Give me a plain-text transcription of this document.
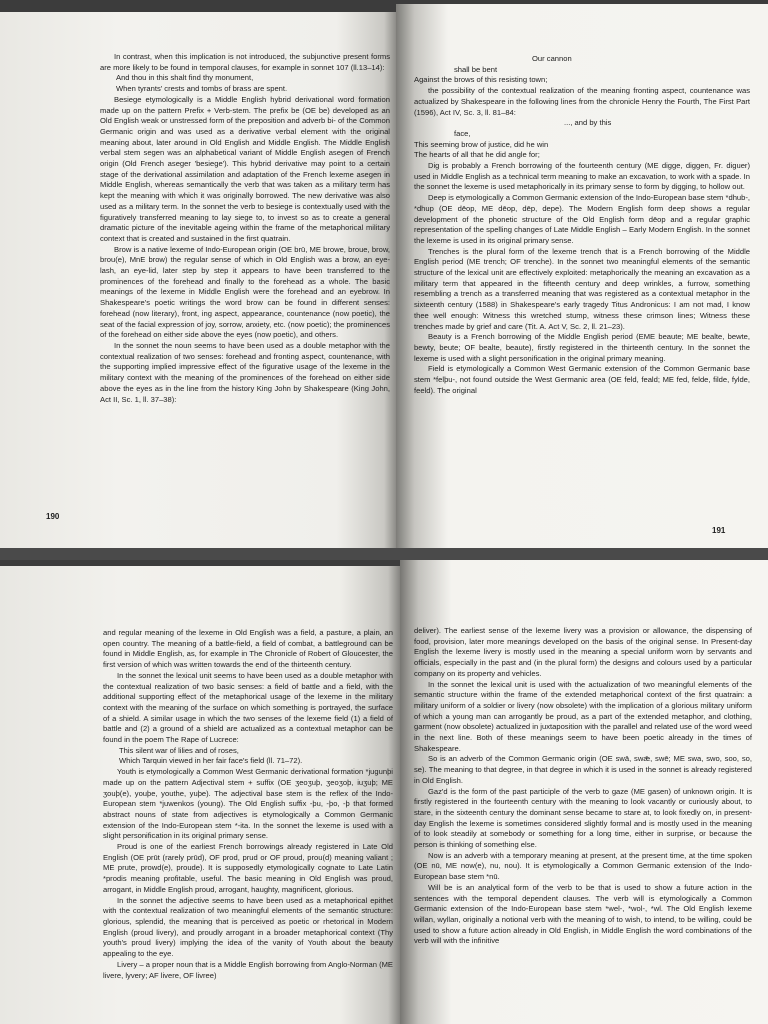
In contrast, when this implication is not introduced, the subjunctive present forms are more likely to be found in temporal clauses, for example in sonnet 107 (ll.13–14):

And thou in this shalt find thy monument,

When tyrants' crests and tombs of brass are spent.

Besiege etymologically is a Middle English hybrid derivational word formation made up on the pattern Prefix + Verb-stem. The prefix be (OE be) developed as an Old English weak or unstressed form of the preposition and adverb bi- of the Common Germanic origin and was used as a derivative verbal element with the original meaning about, later around in Old English and Middle English. The Middle English verbal stem segen was an alphabetical variant of Middle English asegen of French origin (Old French aseger 'besiege'). This hybrid derivative may point to a certain stage of the derivational assimilation and adaptation of the French lexeme asegen in Middle English, whereas semantically the verb that was taken as a military term has kept the meaning with which it was originally borrowed. The new derivative was also used as a military term. In the sonnet the verb to besiege is contextually used with the figuratively transferred meaning to lay siege to, to invest so as to create a general dramatic picture of the inevitable ageing within the frame of the metaphorical military context that is created and sustained in the first quatrain.

Brow is a native lexeme of Indo-European origin (OE brū, ME browe, broue, brow, brou(e), MnE brow) the regular sense of which in Old English was a brow, an eye-lash, an eye-lid, later step by step it appears to have been transferred to the prominences of the forehead and finally to the forehead as a whole. The basic meanings of the lexeme in Middle English were the forehead and an eyebrow. In Shakespeare's poetic writings the word brow can be found in different senses: forehead (now literary), front, ing aspect, appearance, countenance (now poetic), the seat of the facial expression of joy, sorrow, anxiety, etc. (now poetic); the prominences of the forehead on either side above the eyes (now poetic), and others.

In the sonnet the noun seems to have been used as a double metaphor with the contextual realization of two senses: forehead and fronting aspect, countenance, with the supporting implied impressive effect of the figurative usage of the lexeme in the military context with the meaning of the prominences of the forehead on either side above the eyes as in the line from the history King John by Shakespeare (King John, Act II, Sc. 1, ll. 37–38):

190

Our cannon

shall be bent

Against the brows of this resisting town;

the possibility of the contextual realization of the meaning fronting aspect, countenance was actualized by Shakespeare in the following lines from the chronicle Henry the Fourth, The First Part (1596), Act IV, Sc. 3, ll. 81–84:

..., and by this

face,

This seeming brow of justice, did he win

The hearts of all that he did angle for;

Dig is probably a French borrowing of the fourteenth century (ME digge, diggen, Fr. diguer) used in Middle English as a technical term meaning to make an excavation, to work with a spade. In the sonnet the lexeme is used metaphorically in its primary sense to form by digging, to hollow out.

Deep is etymologically a Common Germanic extension of the Indo-European base stem *dhub-, *dhup (OE dēop, ME dēop, dēp, depe). The Modern English form deep shows a regular development of the phonetic structure of the Old English form dēop and a regular graphic representation of the spelling changes of Late Middle English – Early Modern English. In the sonnet the lexeme is used in its original primary sense.

Trenches is the plural form of the lexeme trench that is a French borrowing of the Middle English period (ME trench; OF trenche). In the sonnet two meaningful elements of the semantic structure of the lexical unit are effectively exploited: metaphorically the meaning an excavation as a military term that appeared in the fifteenth century and deep wrinkles, a furrow, something resembling a trench as a transferred meaning that was registered as a contextual metaphor in the sixteenth century (1588) in Shakespeare's early tragedy Titus Andronicus: I am not mad, I know thee well enough: Witness this wretched stump, witness these crimson lines; Witness these trenches made by grief and care (Tit. A. Act V, Sc. 2, ll. 21–23).

Beauty is a French borrowing of the Middle English period (EME beaute; ME bealte, bewte, bewty, beute; OF bealte, beaute), firstly registered in the thirteenth century. In the sonnet the lexeme is used with a slight personification in the original primary meaning.

Field is etymologically a Common West Germanic extension of the Common Germanic base stem *felþu-, not found outside the West Germanic area (OE feld, feald; ME fed, felde, filde, fylde, feeld). The original

191

and regular meaning of the lexeme in Old English was a field, a pasture, a plain, an open country. The meaning of a battle-field, a field of combat, a battleground can be found in Middle English, as, for example in The Chronicle of Robert of Gloucester, the first version of which was written towards the end of the thirteenth century.

In the sonnet the lexical unit seems to have been used as a double metaphor with the contextual realization of two basic senses: a field of battle and a field, with the additional supporting effect of the metaphorical usage of the lexeme in the military context with the meaning of the surface on which something is portrayed, the surface of a shield. A similar usage in which the two senses of the lexeme field (1) a field of battle and (2) a ground of a shield are actualized as a contextual metaphor can be found in the poem The Rape of Lucrece:

This silent war of lilies and of roses,

Which Tarquin viewed in her fair face's field (ll. 71–72).

Youth is etymologically a Common West Germanic derivational formation *jugunþi made up on the pattern Adjectival stem + suffix (OE ʒeoʒuþ, ʒeoʒoþ, iuʒuþ; ME ʒouþ(e), youþe, youthe, yuþe). The adjectival base stem is the reflex of the Indo-European stem *juwenkos (young). The Old English suffix -þu, -þo, -þ that formed abstract nouns of state from adjectives is etymologically a Common Germanic extension of the Indo-European stem *-ita. In the sonnet the lexeme is used with a slight personification in its original primary sense.

Proud is one of the earliest French borrowings already registered in Late Old English (OE prūt (rarely prūd), OF prod, prud or OF proud, prou(d) meaning valiant ; ME prute, prowd(e), proude). It is supposedly etymologically cognate to Late Latin *prodis meaning profitable, useful. The basic meaning in Old English was proud, arrogant, in Middle English proud, arrogant, haughty, magnificent, glorious.

In the sonnet the adjective seems to have been used as a metaphorical epithet with the contextual realization of two meaningful elements of the semantic structure: glorious, splendid, the meaning that is perceived as poetic or rhetorical in Modern English (proud livery), and proudly arrogant in a broader metaphorical context (Thy youth's proud livery) implying the idea of the vanity of Youth about the beauty appealing to the eye.

Livery – a proper noun that is a Middle English borrowing from Anglo-Norman (ME livere, lyvery; AF livere, OF livree)

deliver). The earliest sense of the lexeme livery was a provision or allowance, the dispensing of food, provision, later more meanings developed on the basis of the original sense. In Present-day English the lexeme livery is mostly used in the meaning a special uniform worn by servants and officials, especially in the past and (in the plural form) the designs and colours used by a particular company on its property and vehicles.

In the sonnet the lexical unit is used with the actualization of two meaningful elements of the semantic structure within the frame of the extended metaphorical context of the first quatrain: a military uniform of a soldier or livery (now obsolete) with the implication of a glorious military uniform of which a young man can arrogantly be proud, as a part of the extended metaphor, and clothing, garment (now obsolete) actualized in juxtaposition with the parallel and related use of the word weed in the next line. Both of these meanings seem to have been poetic already in the times of Shakespeare.

So is an adverb of the Common Germanic origin (OE swā, swǣ, swē; ME swa, swo, soo, so, se). The meaning to that degree, in that degree in which it is used in the sonnet is already registered in Old English.

Gaz'd is the form of the past participle of the verb to gaze (ME gasen) of unknown origin. It is firstly registered in the fourteenth century with the meaning to look vacantly or curiously about, to stare, in the sixteenth century the dominant sense became to stare at, to look fixedly on, in present-day English the lexeme is sometimes considered slightly formal and is mostly used in the meaning of to look steadily at somebody or something for a long time, either in surprise, or because the person is thinking of something else.

Now is an adverb with a temporary meaning at present, at the present time, at the time spoken (OE nū, ME now(e), nu, nou). It is etymologically a Common Germanic extension of the Indo-European base stem *nū.

Will be is an analytical form of the verb to be that is used to show a future action in the sentences with the temporal dependent clauses. The verb will is etymologically a Common Germanic extension of the Indo-European base stem *wel-, *wol-, *wl. The Old English lexeme willan, wyllan, originally a notional verb with the meaning of to wish, to intend, to be willing, could be used to show a future action already in Old English, in Middle English the word combinations of the verb will with the infinitive
